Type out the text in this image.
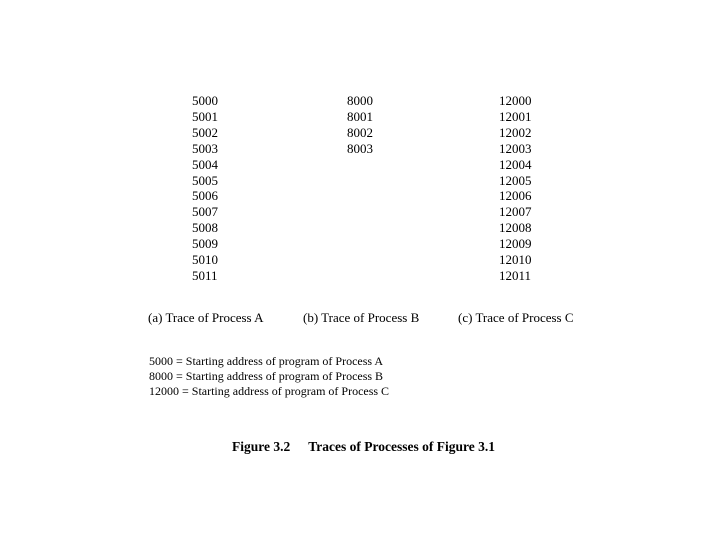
5000
5001
5002
5003
5004
5005
5006
5007
5008
5009
5010
5011
8000
8001
8002
8003
12000
12001
12002
12003
12004
12005
12006
12007
12008
12009
12010
12011
(a) Trace of Process A	(b) Trace of Process B	(c) Trace of Process C
5000 = Starting address of program of Process A
8000 = Starting address of program of Process B
12000 = Starting address of program of Process C
Figure 3.2 Traces of Processes of Figure 3.1
